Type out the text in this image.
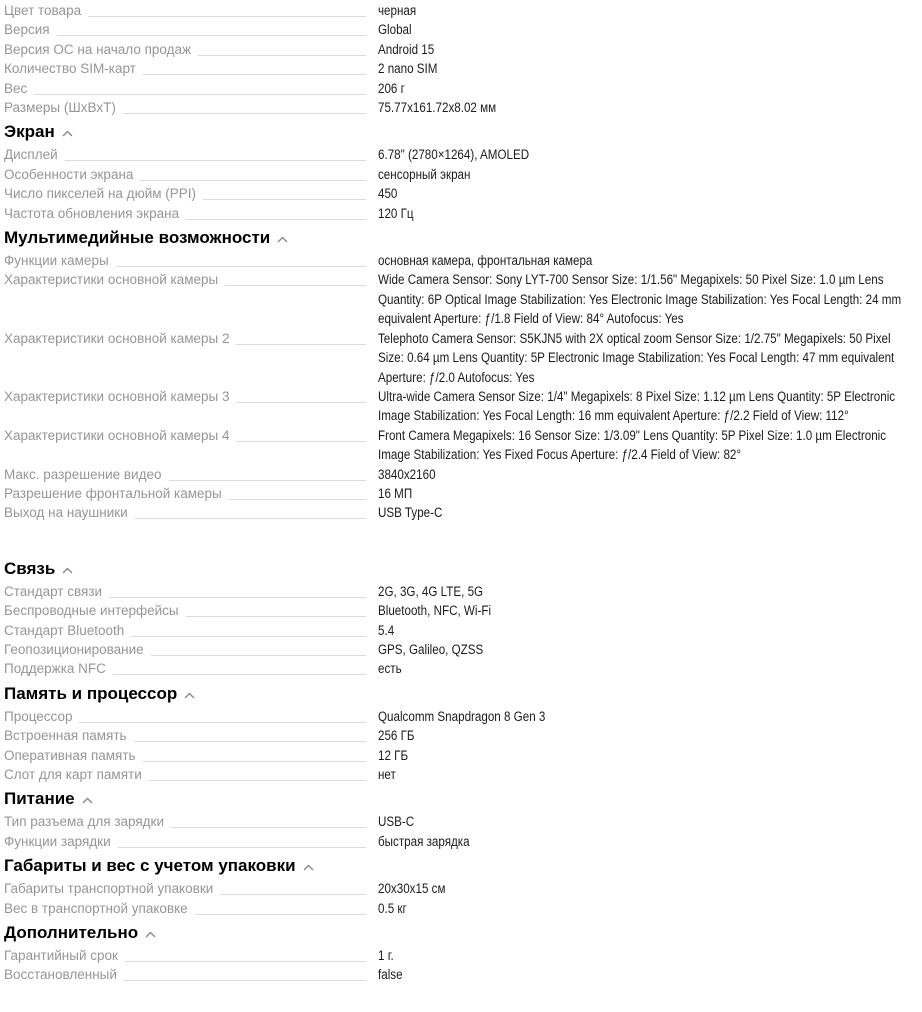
Цвет товара	черная
Версия	Global
Версия ОС на начало продаж	Android 15
Количество SIM-карт	2 nano SIM
Вес	206 г
Размеры (ШхВхТ)	75.77x161.72x8.02 мм
Экран
Дисплей	6.78" (2780×1264), AMOLED
Особенности экрана	сенсорный экран
Число пикселей на дюйм (PPI)	450
Частота обновления экрана	120 Гц
Мультимедийные возможности
Функции камеры	основная камера, фронтальная камера
Характеристики основной камеры	Wide Camera Sensor: Sony LYT-700 Sensor Size: 1/1.56" Megapixels: 50 Pixel Size: 1.0 µm Lens Quantity: 6P Optical Image Stabilization: Yes Electronic Image Stabilization: Yes Focal Length: 24 mm equivalent Aperture: ƒ/1.8 Field of View: 84° Autofocus: Yes
Характеристики основной камеры 2	Telephoto Camera Sensor: S5KJN5 with 2X optical zoom Sensor Size: 1/2.75" Megapixels: 50 Pixel Size: 0.64 µm Lens Quantity: 5P Electronic Image Stabilization: Yes Focal Length: 47 mm equivalent Aperture: ƒ/2.0 Autofocus: Yes
Характеристики основной камеры 3	Ultra-wide Camera Sensor Size: 1/4" Megapixels: 8 Pixel Size: 1.12 µm Lens Quantity: 5P Electronic Image Stabilization: Yes Focal Length: 16 mm equivalent Aperture: ƒ/2.2 Field of View: 112°
Характеристики основной камеры 4	Front Camera Megapixels: 16 Sensor Size: 1/3.09" Lens Quantity: 5P Pixel Size: 1.0 µm Electronic Image Stabilization: Yes Fixed Focus Aperture: ƒ/2.4 Field of View: 82°
Макс. разрешение видео	3840x2160
Разрешение фронтальной камеры	16 МП
Выход на наушники	USB Type-C
Связь
Стандарт связи	2G, 3G, 4G LTE, 5G
Беспроводные интерфейсы	Bluetooth, NFC, Wi-Fi
Стандарт Bluetooth	5.4
Геопозиционирование	GPS, Galileo, QZSS
Поддержка NFC	есть
Память и процессор
Процессор	Qualcomm Snapdragon 8 Gen 3
Встроенная память	256 ГБ
Оперативная память	12 ГБ
Слот для карт памяти	нет
Питание
Тип разъема для зарядки	USB-C
Функции зарядки	быстрая зарядка
Габариты и вес с учетом упаковки
Габариты транспортной упаковки	20x30x15 см
Вес в транспортной упаковке	0.5 кг
Дополнительно
Гарантийный срок	1 г.
Восстановленный	false
